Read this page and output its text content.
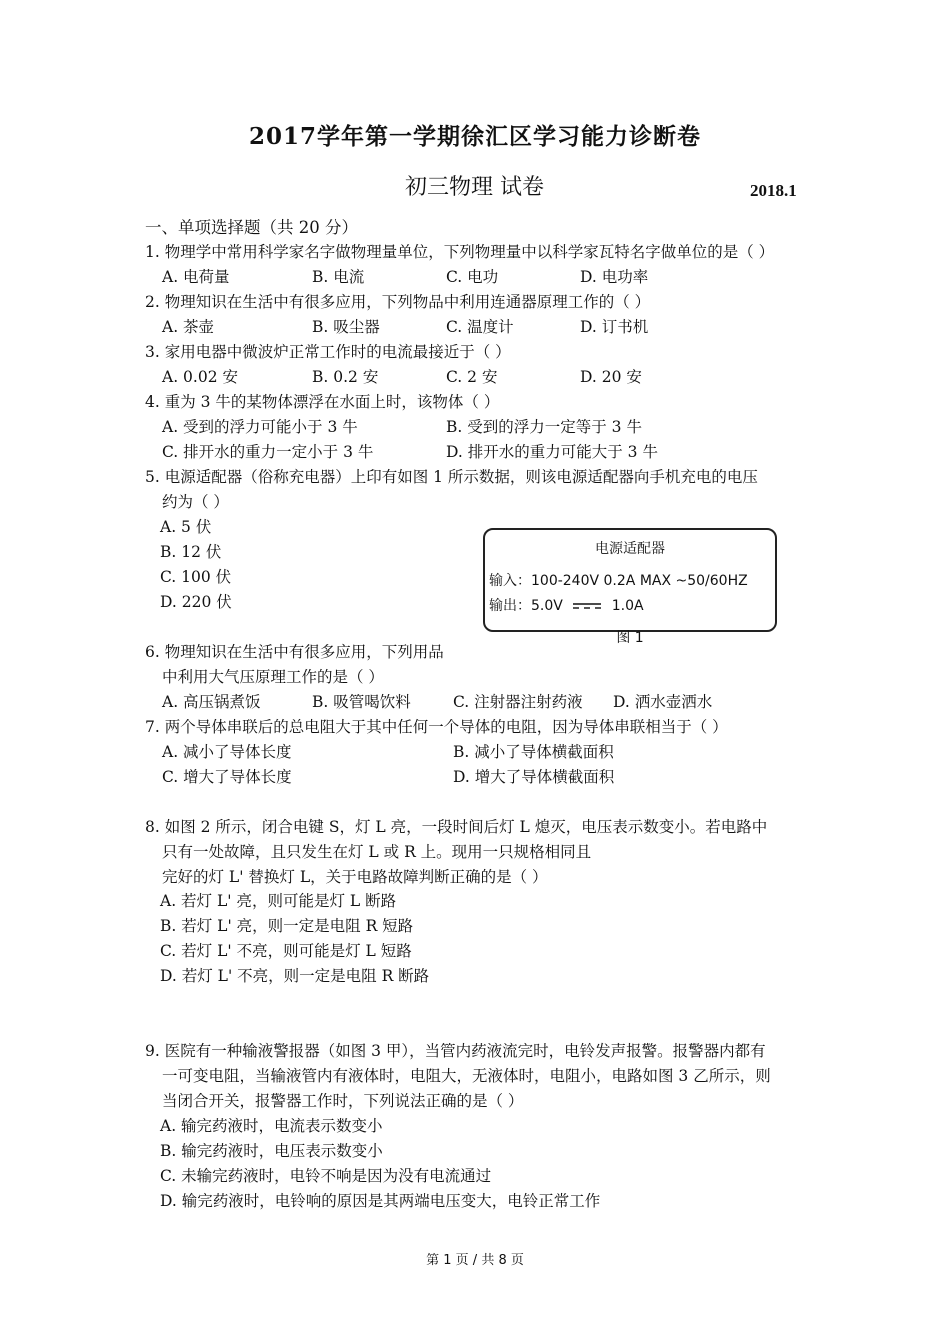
2017学年第一学期徐汇区学习能力诊断卷
初三物理 试卷	2018.1
一、单项选择题（共 20 分）
1. 物理学中常用科学家名字做物理量单位，下列物理量中以科学家瓦特名字做单位的是（ ）
A. 电荷量	B. 电流	C. 电功	D. 电功率
2. 物理知识在生活中有很多应用，下列物品中利用连通器原理工作的（ ）
A. 茶壶	B. 吸尘器	C. 温度计	D. 订书机
3. 家用电器中微波炉正常工作时的电流最接近于（ ）
A. 0.02 安	B. 0.2 安	C. 2 安	D. 20 安
4. 重为 3 牛的某物体漂浮在水面上时，该物体（ ）
A. 受到的浮力可能小于 3 牛	B. 受到的浮力一定等于 3 牛
C. 排开水的重力一定小于 3 牛	D. 排开水的重力可能大于 3 牛
5. 电源适配器（俗称充电器）上印有如图 1 所示数据，则该电源适配器向手机充电的电压
约为（ ）
A. 5 伏
B. 12 伏
C. 100 伏
D. 220 伏
电源适配器
输入：100-240V 0.2A MAX ~50/60HZ
输出：5.0V	1.0A
图 1
6. 物理知识在生活中有很多应用，下列用品
中利用大气压原理工作的是（ ）
A. 高压锅煮饭	B. 吸管喝饮料	C. 注射器注射药液 D. 洒水壶洒水
7. 两个导体串联后的总电阻大于其中任何一个导体的电阻，因为导体串联相当于（ ）
A. 减小了导体长度	B. 减小了导体横截面积
C. 增大了导体长度	D. 增大了导体横截面积
8. 如图 2 所示，闭合电键 S，灯 L 亮，一段时间后灯 L 熄灭，电压表示数变小。若电路中
只有一处故障，且只发生在灯 L 或 R 上。现用一只规格相同且
完好的灯 L' 替换灯 L，关于电路故障判断正确的是（ ）
A. 若灯 L' 亮，则可能是灯 L 断路
B. 若灯 L' 亮，则一定是电阻 R 短路
C. 若灯 L' 不亮，则可能是灯 L 短路
D. 若灯 L' 不亮，则一定是电阻 R 断路
9. 医院有一种输液警报器（如图 3 甲），当管内药液流完时，电铃发声报警。报警器内都有
一可变电阻，当输液管内有液体时，电阻大，无液体时，电阻小，电路如图 3 乙所示，则
当闭合开关，报警器工作时，下列说法正确的是（ ）
A. 输完药液时，电流表示数变小
B. 输完药液时，电压表示数变小
C. 未输完药液时，电铃不响是因为没有电流通过
D. 输完药液时，电铃响的原因是其两端电压变大，电铃正常工作
第 1 页 / 共 8 页
